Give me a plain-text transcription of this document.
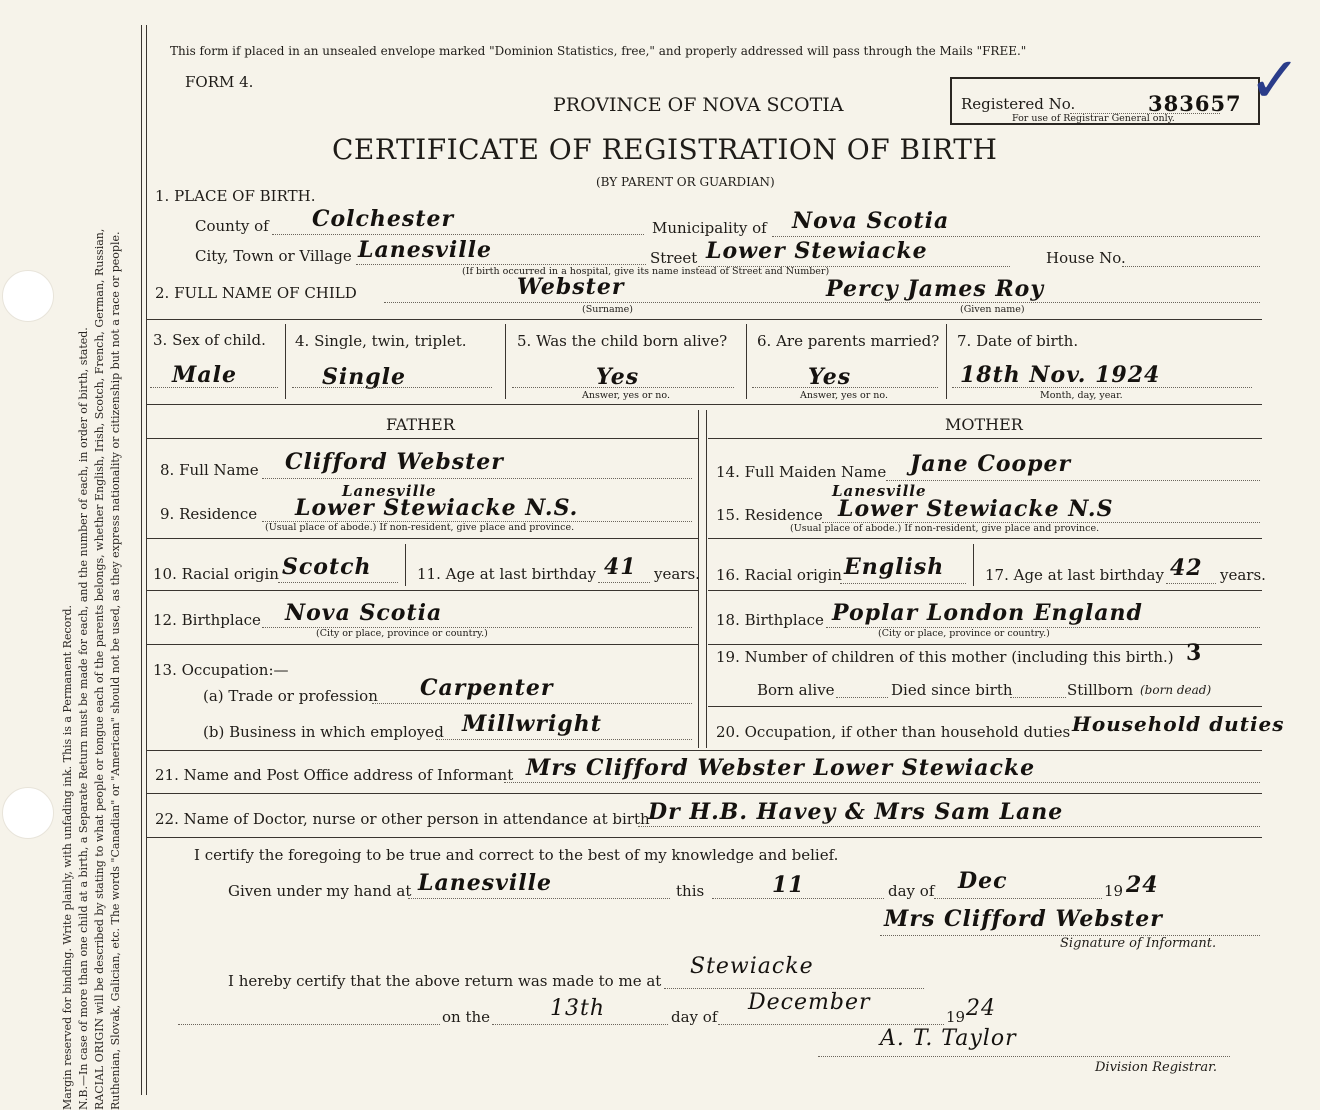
Margin reserved for binding. Write plainly, with unfading ink. This is a Permanent Record. N.B.—In case of more than one child at a birth, a Separate Return must be made for each, and the number of each, in order of birth, stated. RACIAL ORIGIN will be described by stating to what people or tongue each of the parents belongs, whether English, Irish, Scotch, French, German, Russian, Ruthenian, Slovak, Galician, etc. The words "Canadian" or "American" should not be used, as they express nationality or citizenship but not a race or people.
This form if placed in an unsealed envelope marked "Dominion Statistics, free," and properly addressed will pass through the Mails "FREE."
FORM 4.
PROVINCE OF NOVA SCOTIA
CERTIFICATE OF REGISTRATION OF BIRTH
(BY PARENT OR GUARDIAN)
Registered No.	383657
For use of Registrar General only.
✓
1. PLACE OF BIRTH.
County of Colchester	Municipality of Nova Scotia
City, Town or Village Lanesville	Street Lower Stewiacke	House No.
(If birth occurred in a hospital, give its name instead of Street and Number)
2. FULL NAME OF CHILD	Webster	Percy James Roy
(Surname)	(Given name)
3. Sex of child.
Male
4. Single, twin, triplet.
Single
5. Was the child born alive?
Yes
Answer, yes or no.
6. Are parents married?
Yes
Answer, yes or no.
7. Date of birth.
18th Nov. 1924
Month, day, year.
FATHER	MOTHER
8. Full Name Clifford Webster
Lanesville
9. Residence Lower Stewiacke N.S.
(Usual place of abode.) If non-resident, give place and province.
10. Racial origin Scotch	11. Age at last birthday 41 years.
12. Birthplace Nova Scotia
(City or place, province or country.)
13. Occupation:—
(a) Trade or profession Carpenter
(b) Business in which employed Millwright
14. Full Maiden Name Jane Cooper
Lanesville
15. Residence Lower Stewiacke N.S
(Usual place of abode.) If non-resident, give place and province.
16. Racial origin English	17. Age at last birthday 42 years.
18. Birthplace Poplar London England
(City or place, province or country.)
19. Number of children of this mother (including this birth.) 3
Born alive	Died since birth	Stillborn (born dead)
20. Occupation, if other than household duties Household duties
21. Name and Post Office address of Informant Mrs Clifford Webster Lower Stewiacke
22. Name of Doctor, nurse or other person in attendance at birth
Dr H.B. Havey & Mrs Sam Lane
I certify the foregoing to be true and correct to the best of my knowledge and belief.
Given under my hand at Lanesville	this	11	day of Dec	19 24
Mrs Clifford Webster
Signature of Informant.
I hereby certify that the above return was made to me at
Stewiacke
on the	13th	day of
December
19 24
A. T. Taylor
Division Registrar.
